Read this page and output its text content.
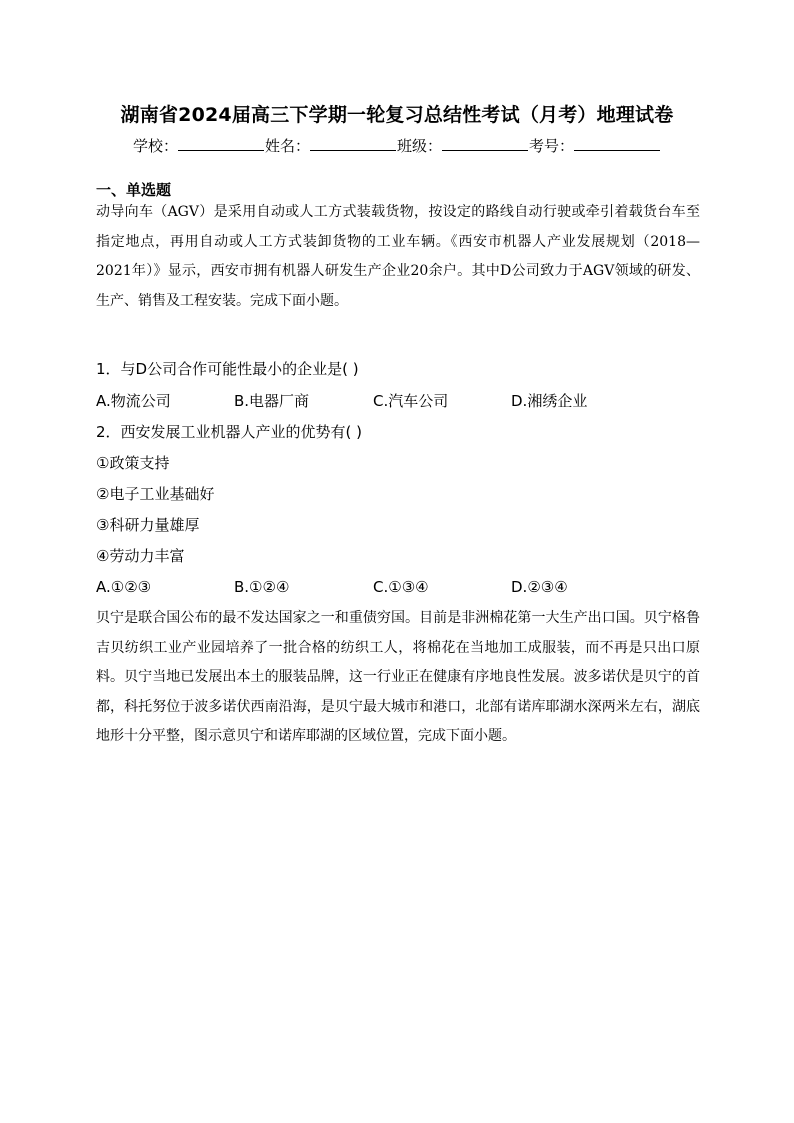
湖南省2024届高三下学期一轮复习总结性考试（月考）地理试卷
学校：	姓名：	班级：	考号：
一、单选题
动导向车（AGV）是采用自动或人工方式装载货物，按设定的路线自动行驶或牵引着载货台车至指定地点，再用自动或人工方式装卸货物的工业车辆。《西安市机器人产业发展规划（2018—2021年）》显示，西安市拥有机器人研发生产企业20余户。其中D公司致力于AGV领域的研发、生产、销售及工程安装。完成下面小题。
1．与D公司合作可能性最小的企业是( )
A.物流公司	B.电器厂商	C.汽车公司	D.湘绣企业
2．西安发展工业机器人产业的优势有( )
①政策支持
②电子工业基础好
③科研力量雄厚
④劳动力丰富
A.①②③	B.①②④	C.①③④	D.②③④
贝宁是联合国公布的最不发达国家之一和重债穷国。目前是非洲棉花第一大生产出口国。贝宁格鲁吉贝纺织工业产业园培养了一批合格的纺织工人，将棉花在当地加工成服装，而不再是只出口原料。贝宁当地已发展出本土的服装品牌，这一行业正在健康有序地良性发展。波多诺伏是贝宁的首都，科托努位于波多诺伏西南沿海，是贝宁最大城市和港口，北部有诺库耶湖水深两米左右，湖底地形十分平整，图示意贝宁和诺库耶湖的区域位置，完成下面小题。
